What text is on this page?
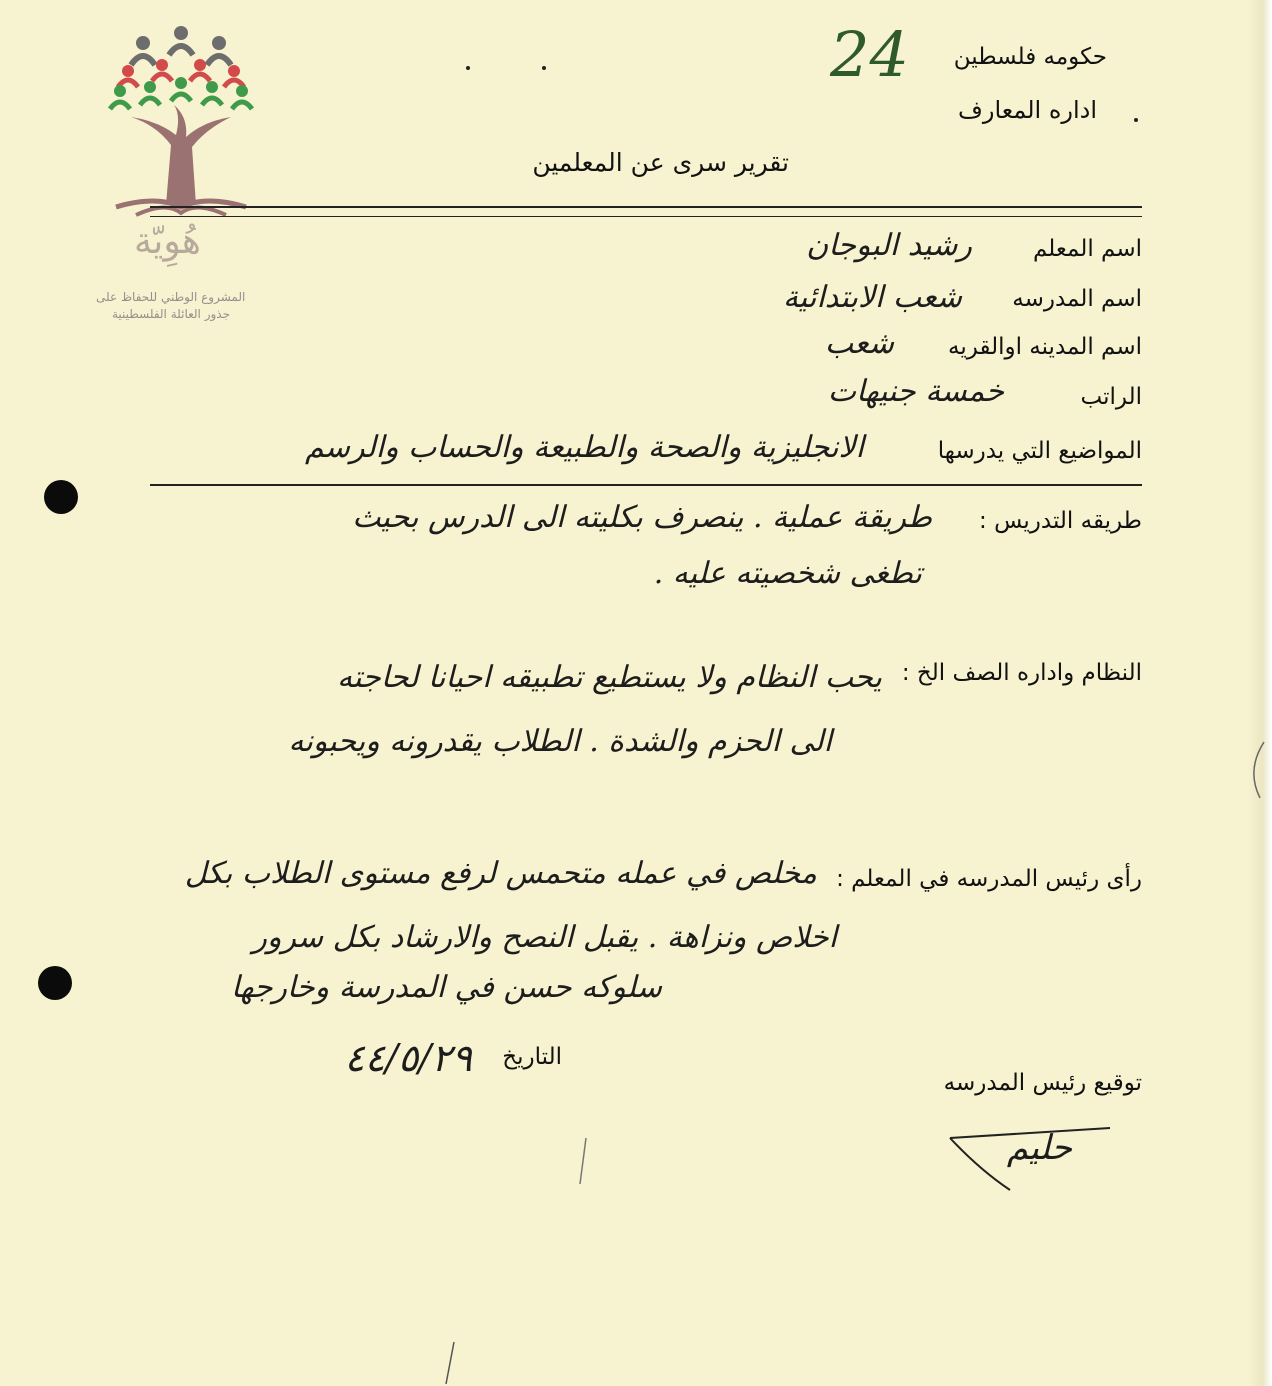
هُوِيّة
المشروع الوطني للحفاظ على
جذور العائلة الفلسطينية
24 حكومه فلسطين
اداره المعارف
تقرير سرى عن المعلمين
اسم المعلم
رشيد البوجان
اسم المدرسه
شعب الابتدائية
اسم المدينه اوالقريه
شعب
الراتب
خمسة جنيهات
المواضيع التي يدرسها
الانجليزية والصحة والطبيعة والحساب والرسم
طريقه التدريس :
طريقة عملية . ينصرف بكليته الى الدرس بحيث
تطغى شخصيته عليه .
النظام واداره الصف الخ :
يحب النظام ولا يستطيع تطبيقه احيانا لحاجته
الى الحزم والشدة . الطلاب يقدرونه ويحبونه
رأى رئيس المدرسه في المعلم :
مخلص في عمله متحمس لرفع مستوى الطلاب بكل
اخلاص ونزاهة . يقبل النصح والارشاد بكل سرور
سلوكه حسن في المدرسة وخارجها
التاريخ
٤٤/٥/٢٩
توقيع رئيس المدرسه
حليم
